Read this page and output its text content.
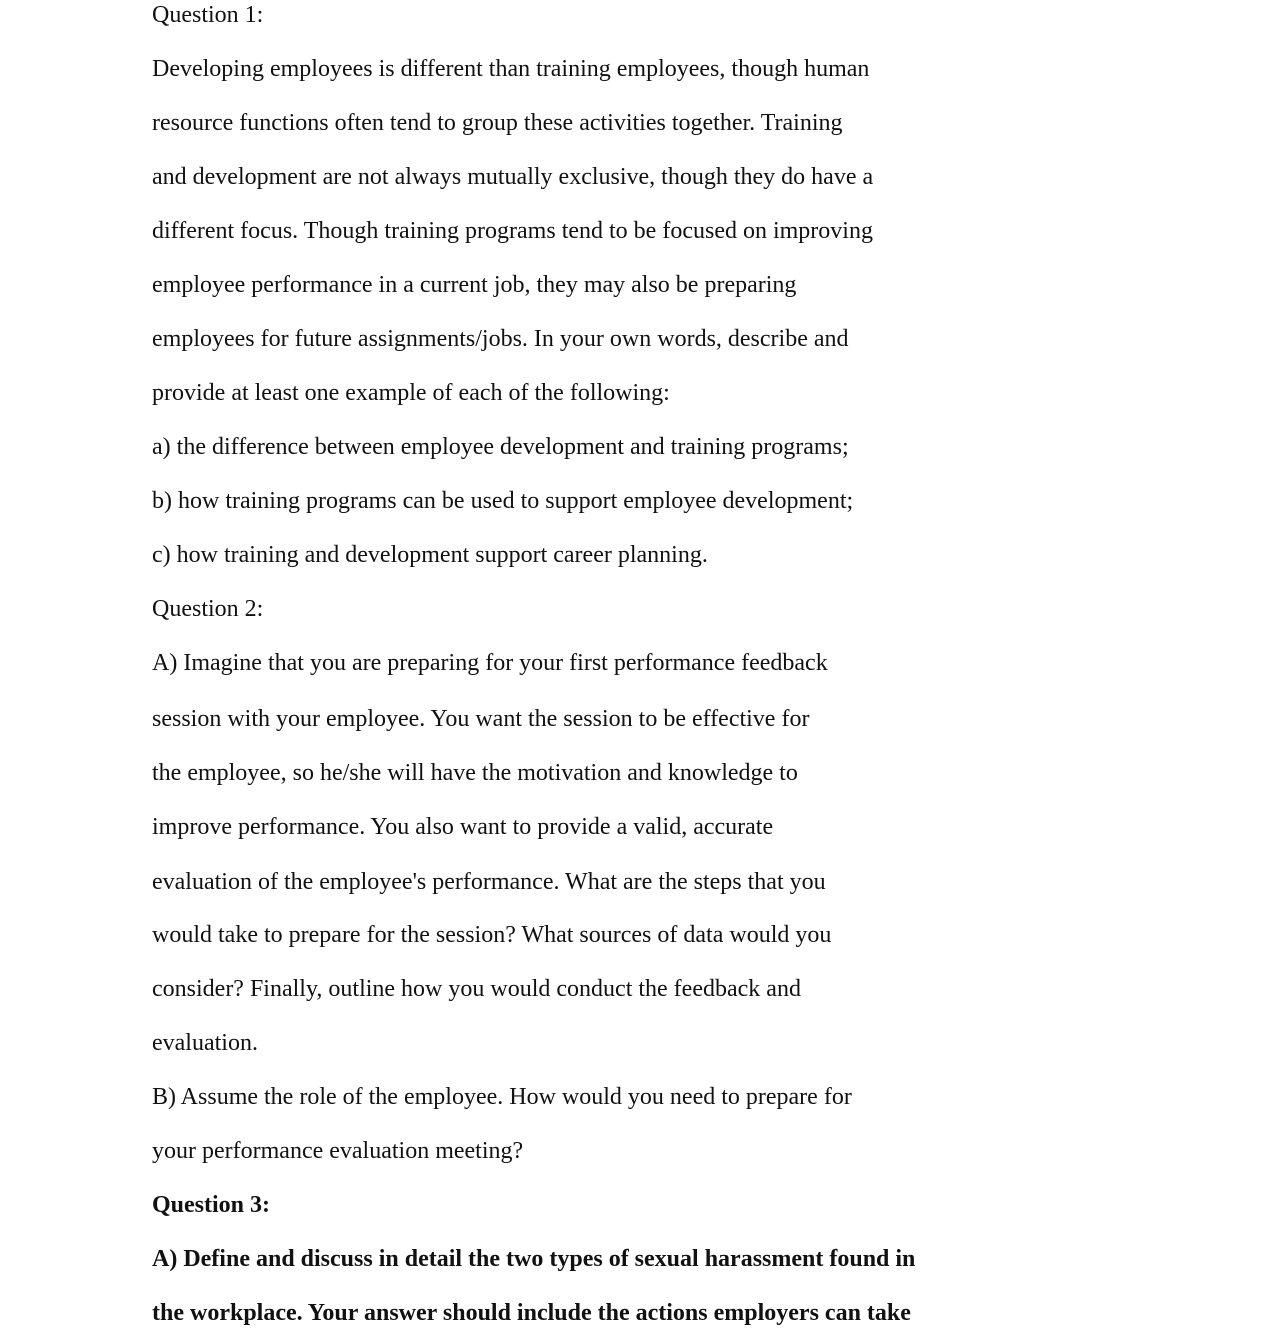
Question 1:
Developing employees is different than training employees, though human
resource functions often tend to group these activities together. Training
and development are not always mutually exclusive, though they do have a
different focus. Though training programs tend to be focused on improving
employee performance in a current job, they may also be preparing
employees for future assignments/jobs. In your own words, describe and
provide at least one example of each of the following:
a) the difference between employee development and training programs;
b) how training programs can be used to support employee development;
c) how training and development support career planning.
Question 2:
A) Imagine that you are preparing for your first performance feedback
session with your employee. You want the session to be effective for
the employee, so he/she will have the motivation and knowledge to
improve performance. You also want to provide a valid, accurate
evaluation of the employee's performance. What are the steps that you
would take to prepare for the session? What sources of data would you
consider? Finally, outline how you would conduct the feedback and
evaluation.
B) Assume the role of the employee. How would you need to prepare for
your performance evaluation meeting?
Question 3:
A) Define and discuss in detail the two types of sexual harassment found in
the workplace. Your answer should include the actions employers can take
